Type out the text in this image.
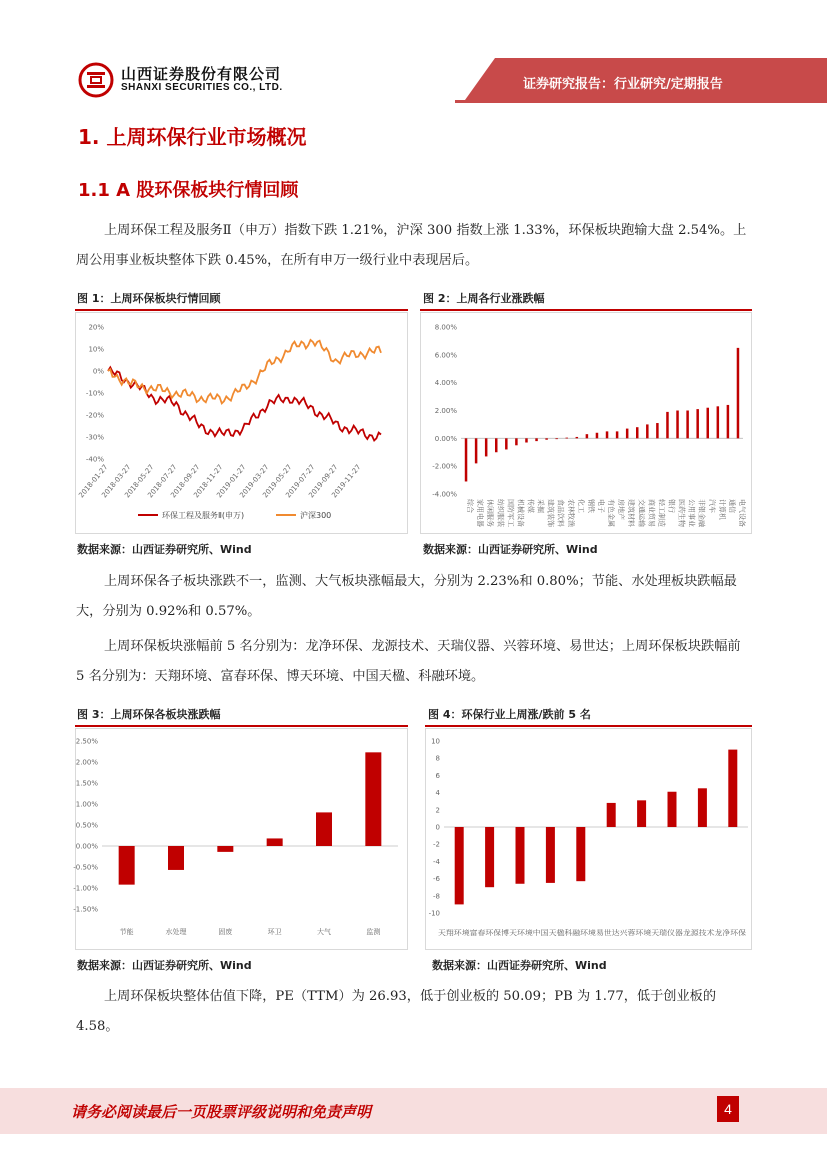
山西证券股份有限公司
SHANXI SECURITIES CO., LTD.	证券研究报告：行业研究/定期报告
1. 上周环保行业市场概况
1.1 A 股环保板块行情回顾

上周环保工程及服务Ⅱ（申万）指数下跌 1.21%，沪深 300 指数上涨 1.33%，环保板块跑输大盘 2.54%。上周公用事业板块整体下跌 0.45%，在所有申万一级行业中表现居后。

图 1：上周环保板块行情回顾
20%
10%
0%
-10%
-20%
-30%
-40%
2018-01-27
2018-03-27
2018-05-27
2018-07-27
2018-09-27
2018-11-27
2019-01-27
2019-03-27
2019-05-27
2019-07-27
2019-09-27
2019-11-27
环保工程及服务Ⅱ(申万)	沪深300
数据来源：山西证券研究所、Wind
图 2：上周各行业涨跌幅
8.00%
6.00%
4.00%
2.00%
0.00%
-2.00%
-4.00%
综合 家用电器 休闲服务 纺织服装 国防军工 机械设备 传媒 采掘 建筑装饰 食品饮料 农林牧渔 化工 钢铁 电子 有色金属 房地产 建筑材料 交通运输 商业贸易 轻工制造 银行 医药生物 公用事业 非银金融 汽车 计算机 通信 电气设备
数据来源：山西证券研究所、Wind

上周环保各子板块涨跌不一，监测、大气板块涨幅最大，分别为 2.23%和 0.80%；节能、水处理板块跌幅最大，分别为 0.92%和 0.57%。

上周环保板块涨幅前 5 名分别为：龙净环保、龙源技术、天瑞仪器、兴蓉环境、易世达；上周环保板块跌幅前 5 名分别为：天翔环境、富春环保、博天环境、中国天楹、科融环境。

图 3：上周环保各板块涨跌幅
2.50%
2.00%
1.50%
1.00%
0.50%
0.00%
-0.50%
-1.00%
-1.50%
节能	水处理	固废	环卫	大气	监测
数据来源：山西证券研究所、Wind
图 4：环保行业上周涨/跌前 5 名
10
8
6
4
2
0
-2
-4
-6
-8
-10
天翔环境富春环保博天环境中国天楹科融环境易世达兴蓉环境天瑞仪器龙源技术龙净环保
数据来源：山西证券研究所、Wind

上周环保板块整体估值下降，PE（TTM）为 26.93，低于创业板的 50.09；PB 为 1.77，低于创业板的 4.58。

请务必阅读最后一页股票评级说明和免责声明	4
